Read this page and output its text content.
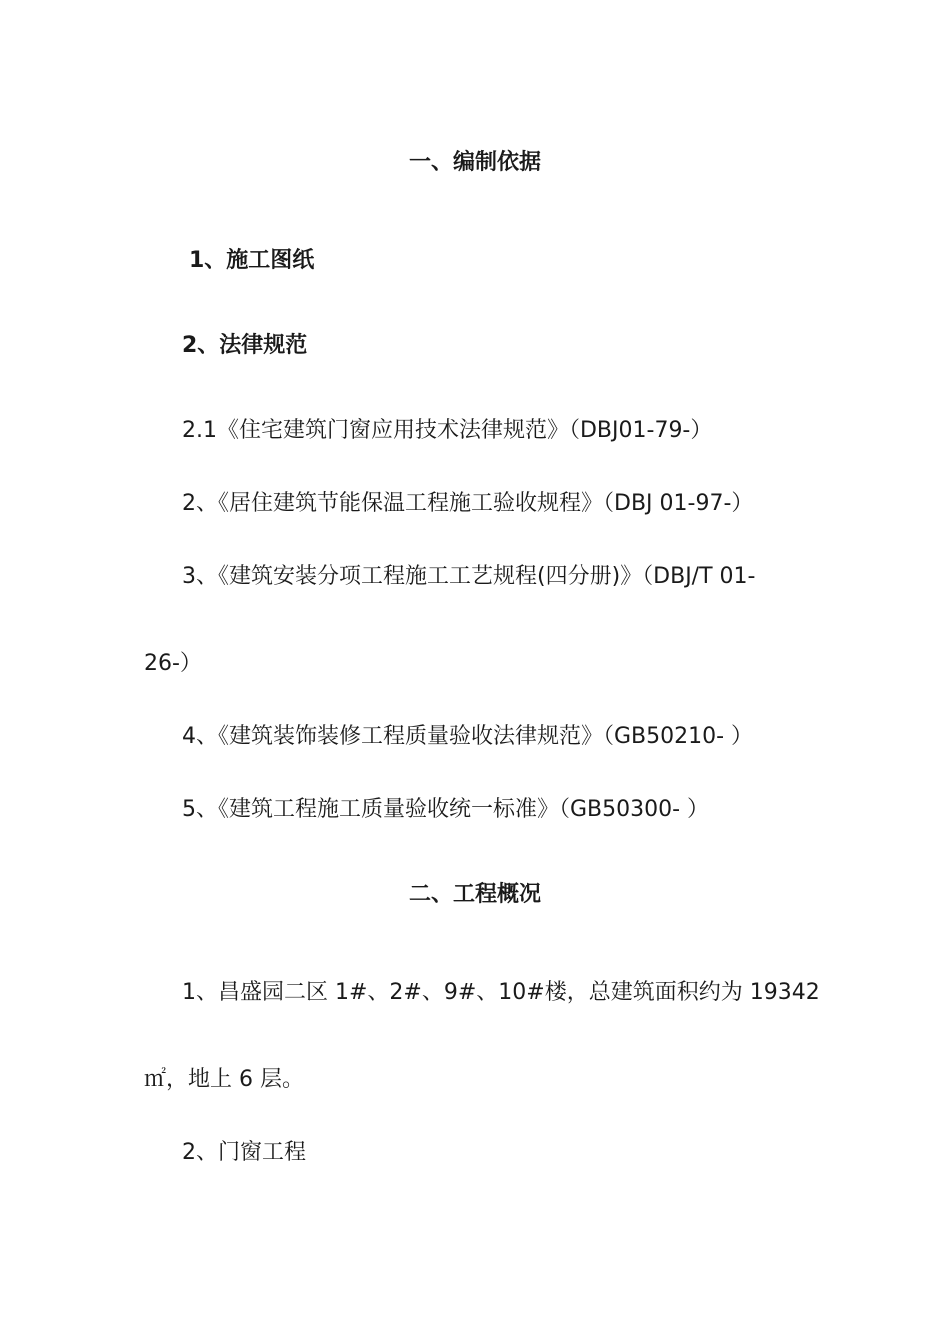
一、编制依据
1、施工图纸
2、法律规范
2.1《住宅建筑门窗应用技术法律规范》（DBJ01-79-）
2、《居住建筑节能保温工程施工验收规程》（DBJ 01-97-）
3、《建筑安装分项工程施工工艺规程(四分册)》（DBJ/T 01-
26-）
4、《建筑装饰装修工程质量验收法律规范》（GB50210- ）
5、《建筑工程施工质量验收统一标准》（GB50300- ）
二、工程概况
1、昌盛园二区 1#、2#、9#、10#楼，总建筑面积约为 19342
㎡，地上 6 层。
2、门窗工程
